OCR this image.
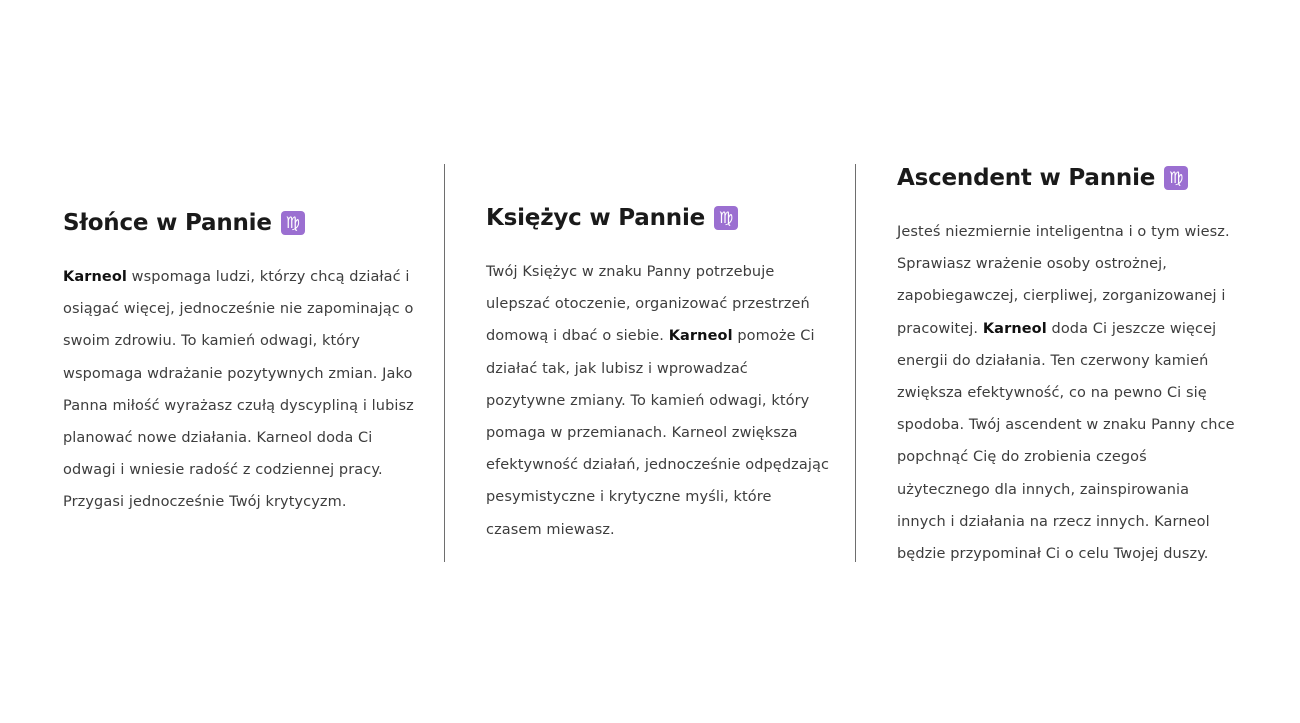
Słońce w Pannie ♍

Karneol wspomaga ludzi, którzy chcą działać i osiągać więcej, jednocześnie nie zapominając o swoim zdrowiu. To kamień odwagi, który wspomaga wdrażanie pozytywnych zmian. Jako Panna miłość wyrażasz czułą dyscypliną i lubisz planować nowe działania. Karneol doda Ci odwagi i wniesie radość z codziennej pracy. Przygasi jednocześnie Twój krytycyzm.

Księżyc w Pannie ♍

Twój Księżyc w znaku Panny potrzebuje ulepszać otoczenie, organizować przestrzeń domową i dbać o siebie. Karneol pomoże Ci działać tak, jak lubisz i wprowadzać pozytywne zmiany. To kamień odwagi, który pomaga w przemianach. Karneol zwiększa efektywność działań, jednocześnie odpędzając pesymistyczne i krytyczne myśli, które czasem miewasz.

Ascendent w Pannie ♍

Jesteś niezmiernie inteligentna i o tym wiesz. Sprawiasz wrażenie osoby ostrożnej, zapobiegawczej, cierpliwej, zorganizowanej i pracowitej. Karneol doda Ci jeszcze więcej energii do działania. Ten czerwony kamień zwiększa efektywność, co na pewno Ci się spodoba. Twój ascendent w znaku Panny chce popchnąć Cię do zrobienia czegoś użytecznego dla innych, zainspirowania innych i działania na rzecz innych. Karneol będzie przypominał Ci o celu Twojej duszy.
